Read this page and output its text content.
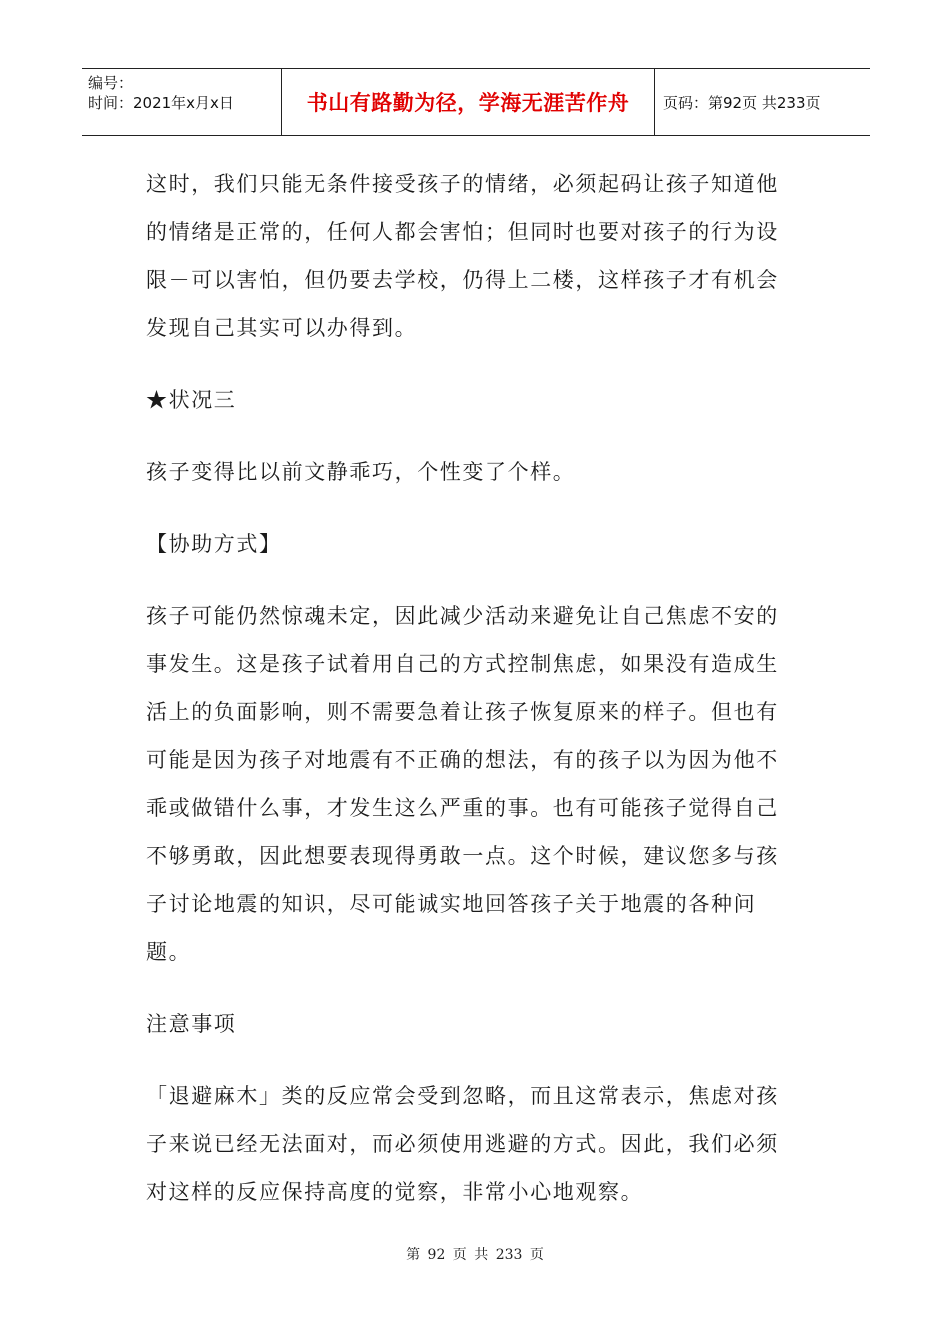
编号：
时间：2021年x月x日	书山有路勤为径，学海无涯苦作舟	页码：第92页 共233页

这时，我们只能无条件接受孩子的情绪，必须起码让孩子知道他的情绪是正常的，任何人都会害怕；但同时也要对孩子的行为设限－可以害怕，但仍要去学校，仍得上二楼，这样孩子才有机会发现自己其实可以办得到。

★状况三

孩子变得比以前文静乖巧，个性变了个样。

【协助方式】

孩子可能仍然惊魂未定，因此减少活动来避免让自己焦虑不安的事发生。这是孩子试着用自己的方式控制焦虑，如果没有造成生活上的负面影响，则不需要急着让孩子恢复原来的样子。但也有可能是因为孩子对地震有不正确的想法，有的孩子以为因为他不乖或做错什么事，才发生这么严重的事。也有可能孩子觉得自己不够勇敢，因此想要表现得勇敢一点。这个时候，建议您多与孩子讨论地震的知识，尽可能诚实地回答孩子关于地震的各种问题。

注意事项

「退避麻木」类的反应常会受到忽略，而且这常表示，焦虑对孩子来说已经无法面对，而必须使用逃避的方式。因此，我们必须对这样的反应保持高度的觉察，非常小心地观察。

第 92 页 共 233 页
